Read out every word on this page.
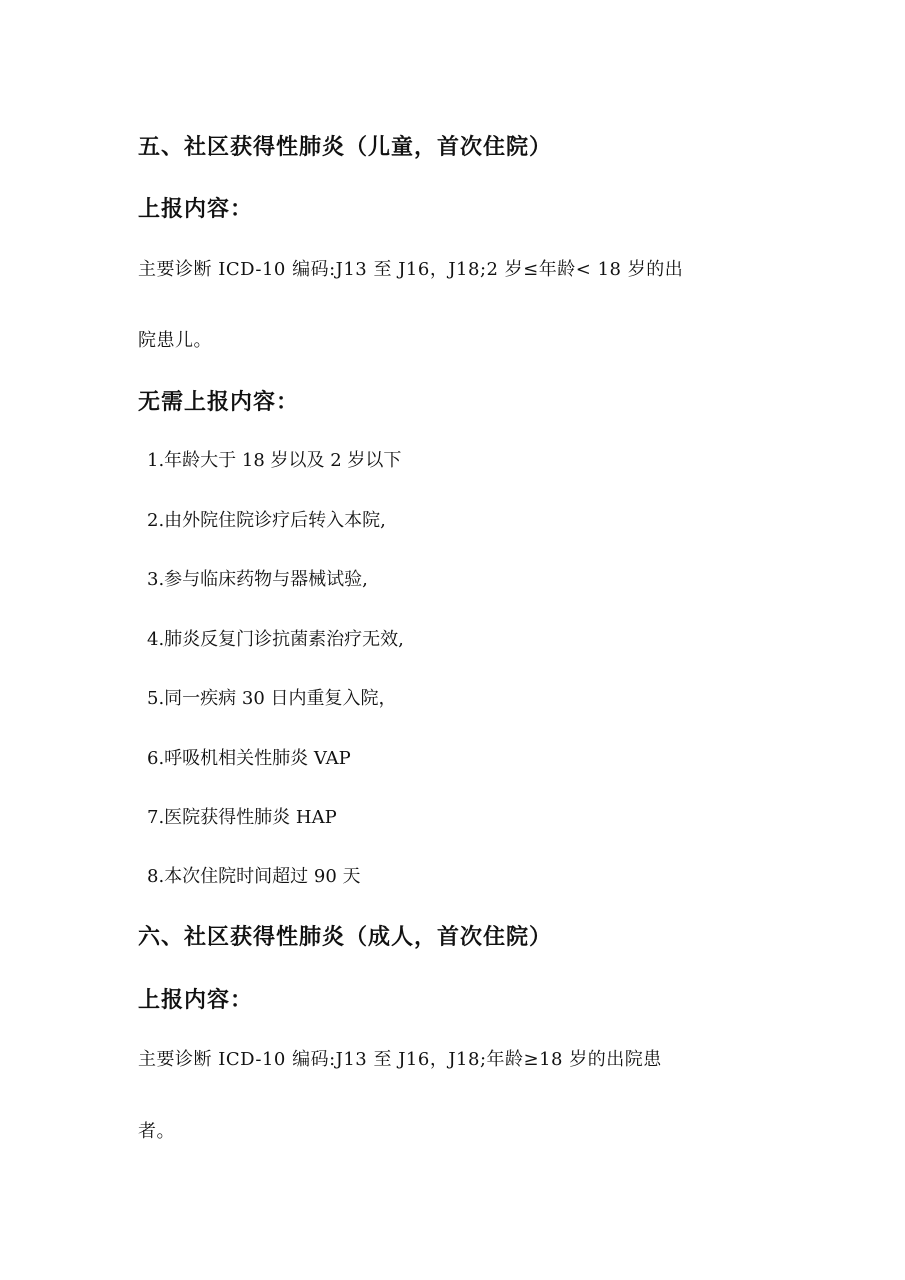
五、社区获得性肺炎（儿童，首次住院）
上报内容：

主要诊断 ICD-10 编码:J13 至 J16，J18;2 岁≤年龄< 18 岁的出

院患儿。

无需上报内容：

1.年龄大于 18 岁以及 2 岁以下

2.由外院住院诊疗后转入本院,

3.参与临床药物与器械试验,

4.肺炎反复门诊抗菌素治疗无效,

5.同一疾病 30 日内重复入院，

6.呼吸机相关性肺炎 VAP

7.医院获得性肺炎 HAP

8.本次住院时间超过 90 天

六、社区获得性肺炎（成人，首次住院）
上报内容：

主要诊断 ICD-10 编码:J13 至 J16，J18;年龄≥18 岁的出院患

者。
